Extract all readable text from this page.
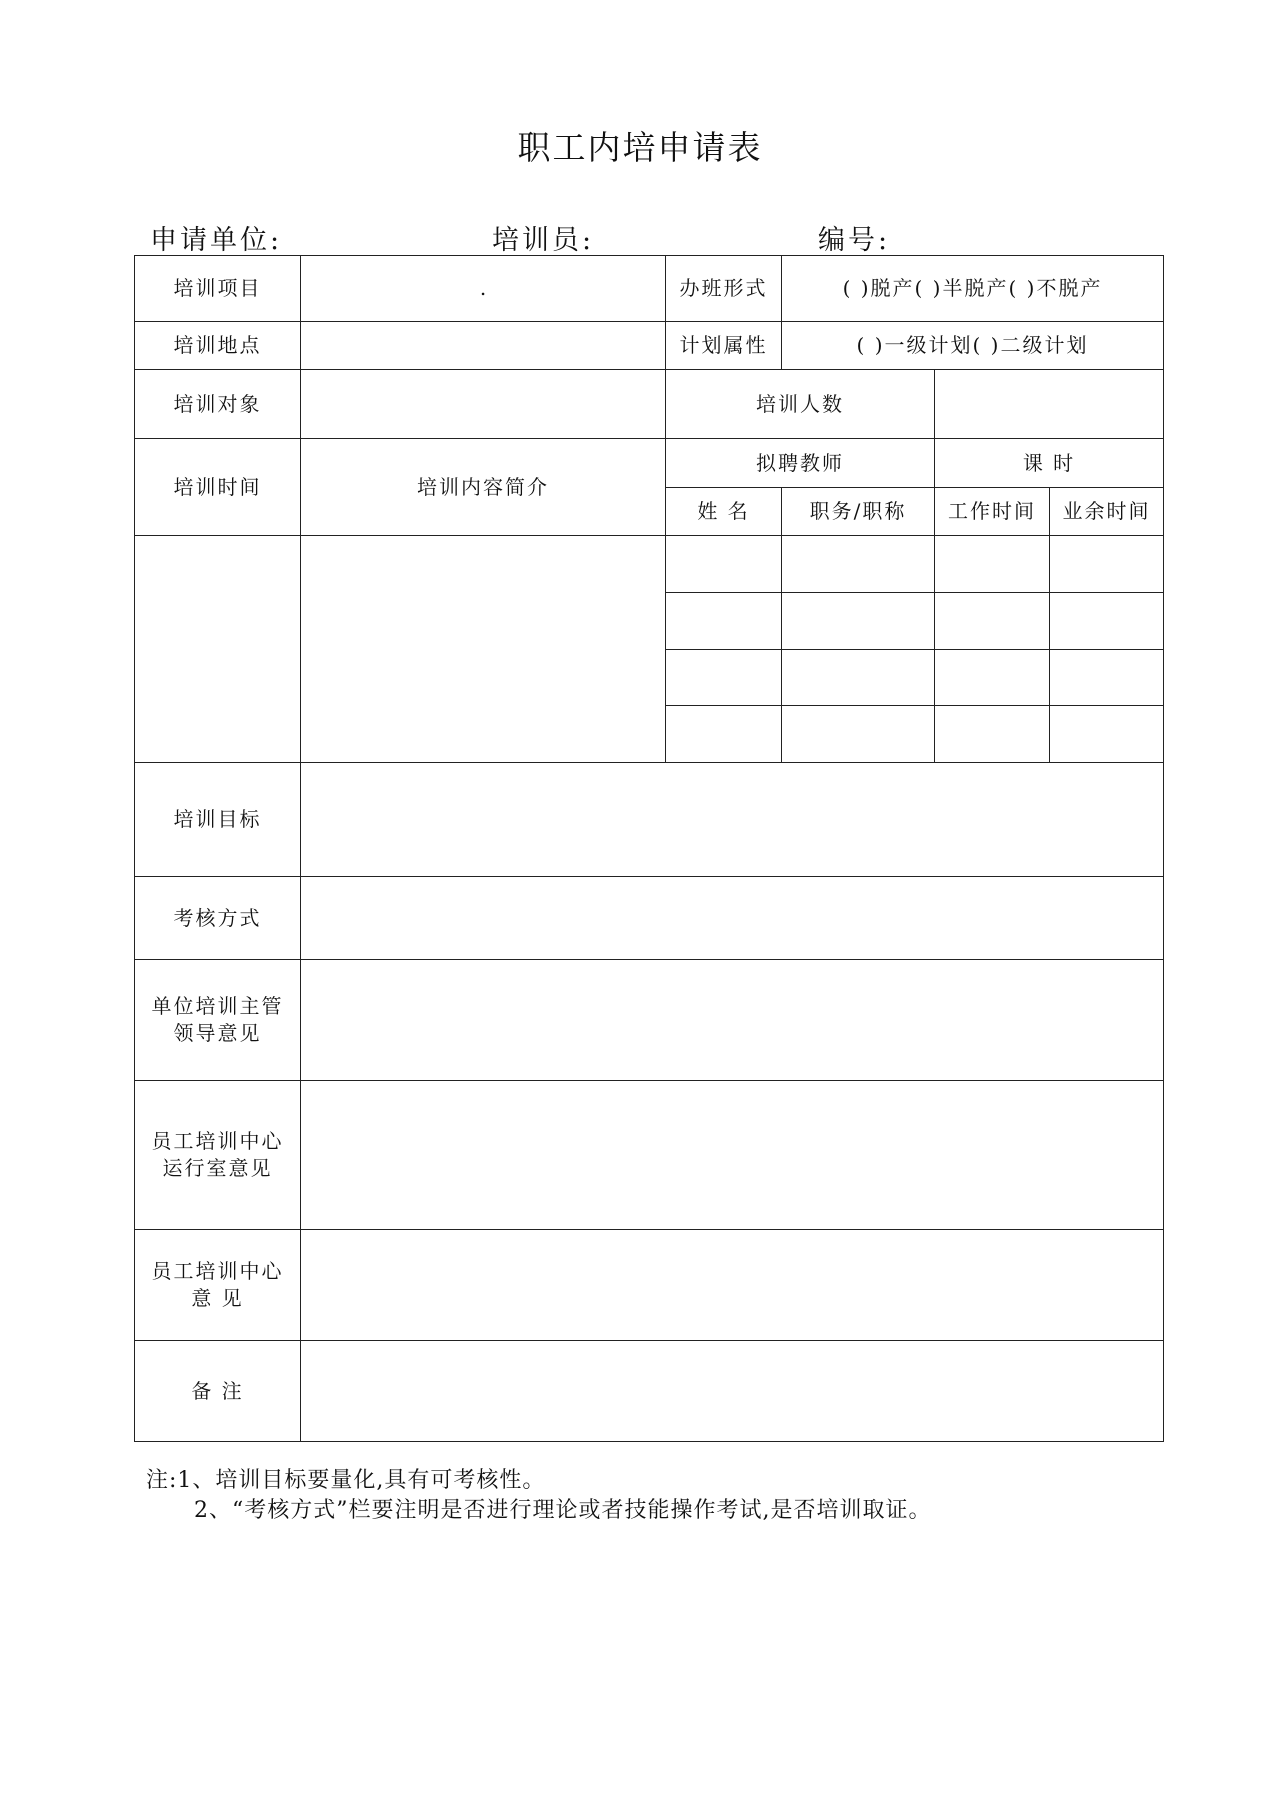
职工内培申请表
申请单位:	培训员:	编号:
培训项目	.	办班形式	( )脱产( )半脱产( )不脱产		
培训地点		计划属性	( )一级计划( )二级计划		
培训对象		培训人数			
培训时间	培训内容简介	拟聘教师		课 时	
		姓 名	职务/职称	工作时间	业余时间

培训目标					
考核方式					

单位培训主管
领导意见					

员工培训中心
运行室意见					

员工培训中心
意 见					

备 注					
注:1、培训目标要量化,具有可考核性。
2、“考核方式”栏要注明是否进行理论或者技能操作考试,是否培训取证。
